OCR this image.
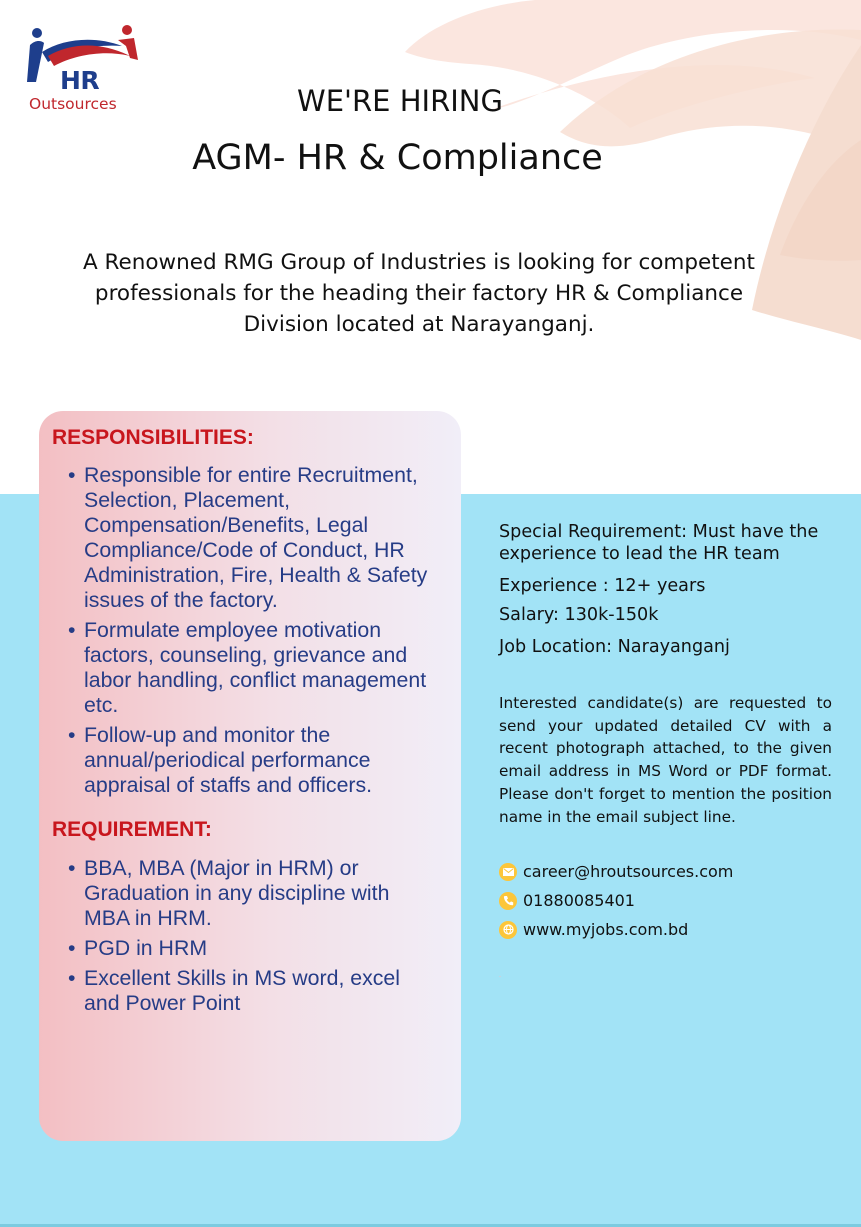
HR
Outsources	WE'RE HIRING
AGM- HR & Compliance
A Renowned RMG Group of Industries is looking for competent professionals for the heading their factory HR & Compliance Division located at Narayanganj.
RESPONSIBILITIES:
• Responsible for entire Recruitment, Selection, Placement, Compensation/Benefits, Legal Compliance/Code of Conduct, HR Administration, Fire, Health & Safety issues of the factory.
• Formulate employee motivation factors, counseling, grievance and labor handling, conflict management etc.
• Follow-up and monitor the annual/periodical performance appraisal of staffs and officers.
REQUIREMENT:
• BBA, MBA (Major in HRM) or Graduation in any discipline with MBA in HRM.
• PGD in HRM
• Excellent Skills in MS word, excel and Power Point

Special Requirement: Must have the experience to lead the HR team

Experience : 12+ years

Salary: 130k-150k

Job Location: Narayanganj

Interested candidate(s) are requested to send your updated detailed CV with a recent photograph attached, to the given email address in MS Word or PDF format. Please don't forget to mention the position name in the email subject line.

career@hroutsources.com
01880085401
www.myjobs.com.bd
